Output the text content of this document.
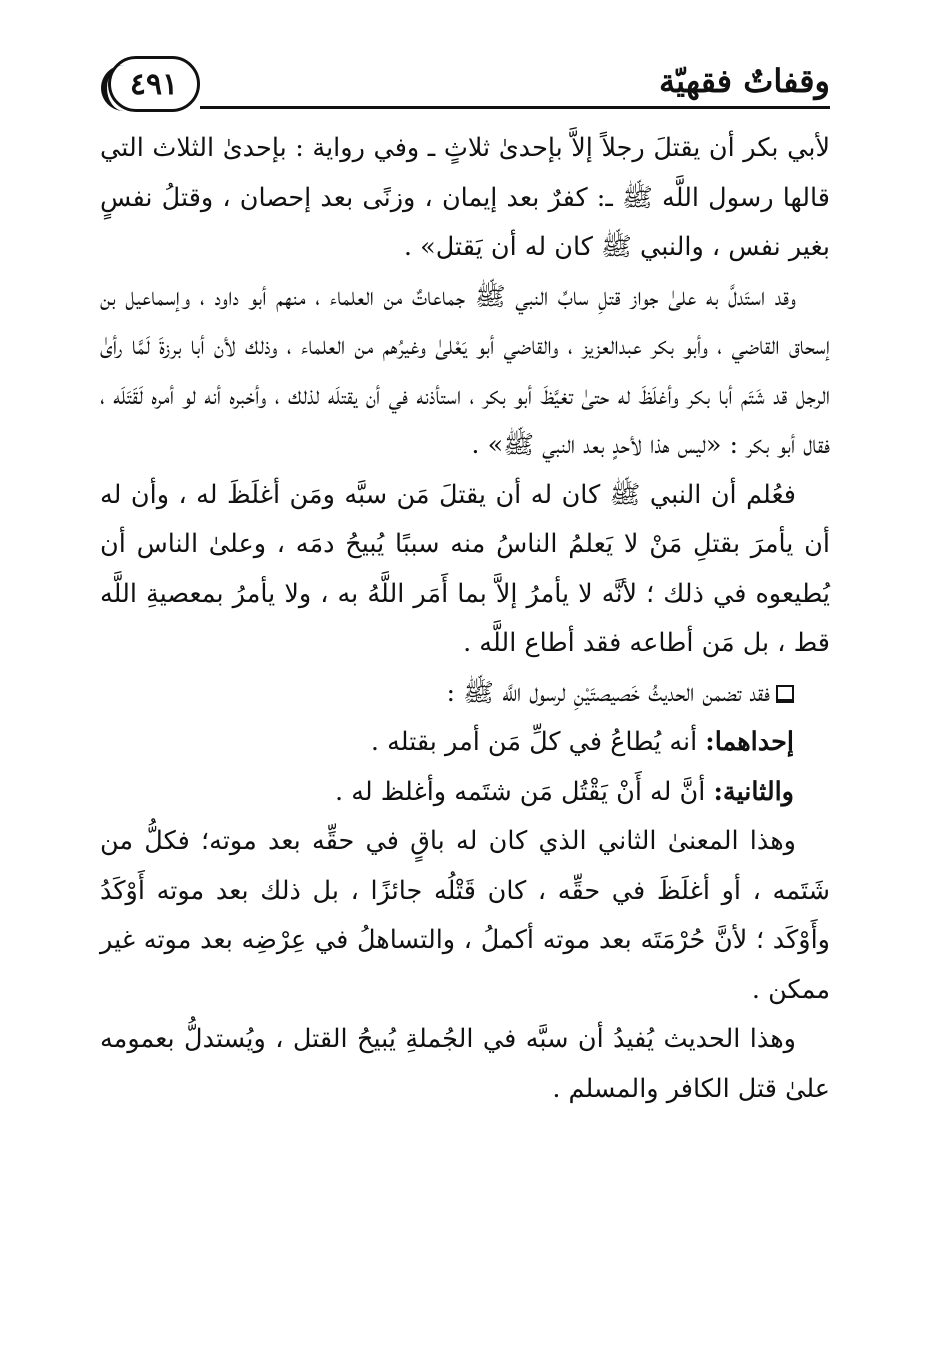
٤٩١	وقفاتٌ فقهيّة

لأبي بكر أن يقتلَ رجلاً إلاَّ بإحدىٰ ثلاثٍ ـ وفي رواية : بإحدىٰ الثلاث التي قالها رسول اللَّه ﷺ ـ: كفرٌ بعد إيمان ، وزنًى بعد إحصان ، وقتلُ نفسٍ بغير نفس ، والنبي ﷺ كان له أن يَقتل» .

وقد استَدلَّ به علىٰ جواز قتلِ سابِّ النبي ﷺ جماعاتٌ من العلماء ، منهم أبو داود ، وإسماعيل بن إسحاق القاضي ، وأبو بكر عبدالعزيز ، والقاضي أبو يَعْلىٰ وغيرُهم من العلماء ، وذلك لأن أبا برزةَ لَمَّا رأىٰ الرجل قد شَتَم أبا بكر وأغلَظَ له حتىٰ تغيَّظَ أبو بكر ، استأذنه في أن يقتلَه لذلك ، وأخبره أنه لو أمره لَقَتَلَه ، فقال أبو بكر : «ليس هذا لأحدٍ بعد النبي ﷺ» .

فعُلم أن النبي ﷺ كان له أن يقتلَ مَن سبَّه ومَن أغلَظَ له ، وأن له أن يأمرَ بقتلِ مَنْ لا يَعلمُ الناسُ منه سببًا يُبيحُ دمَه ، وعلىٰ الناس أن يُطيعوه في ذلك ؛ لأنَّه لا يأمرُ إلاَّ بما أَمَر اللَّهُ به ، ولا يأمرُ بمعصيةِ اللَّه قط ، بل مَن أطاعه فقد أطاع اللَّه .

فقد تضمن الحديثُ خَصيصتَيْنِ لرسول اللَّه ﷺ :

إحداهما: أنه يُطاعُ في كلِّ مَن أمر بقتله .

والثانية: أنَّ له أَنْ يَقْتُل مَن شتَمه وأغلظ له .

وهذا المعنىٰ الثاني الذي كان له باقٍ في حقِّه بعد موته؛ فكلُّ من شَتَمه ، أو أغلَظَ في حقِّه ، كان قَتْلُه جائزًا ، بل ذلك بعد موته أَوْكَدُ وأَوْكَد ؛ لأنَّ حُرْمَتَه بعد موته أكملُ ، والتساهلُ في عِرْضِه بعد موته غير ممكن .

وهذا الحديث يُفيدُ أن سبَّه في الجُملةِ يُبيحُ القتل ، ويُستدلُّ بعمومه علىٰ قتل الكافر والمسلم .
